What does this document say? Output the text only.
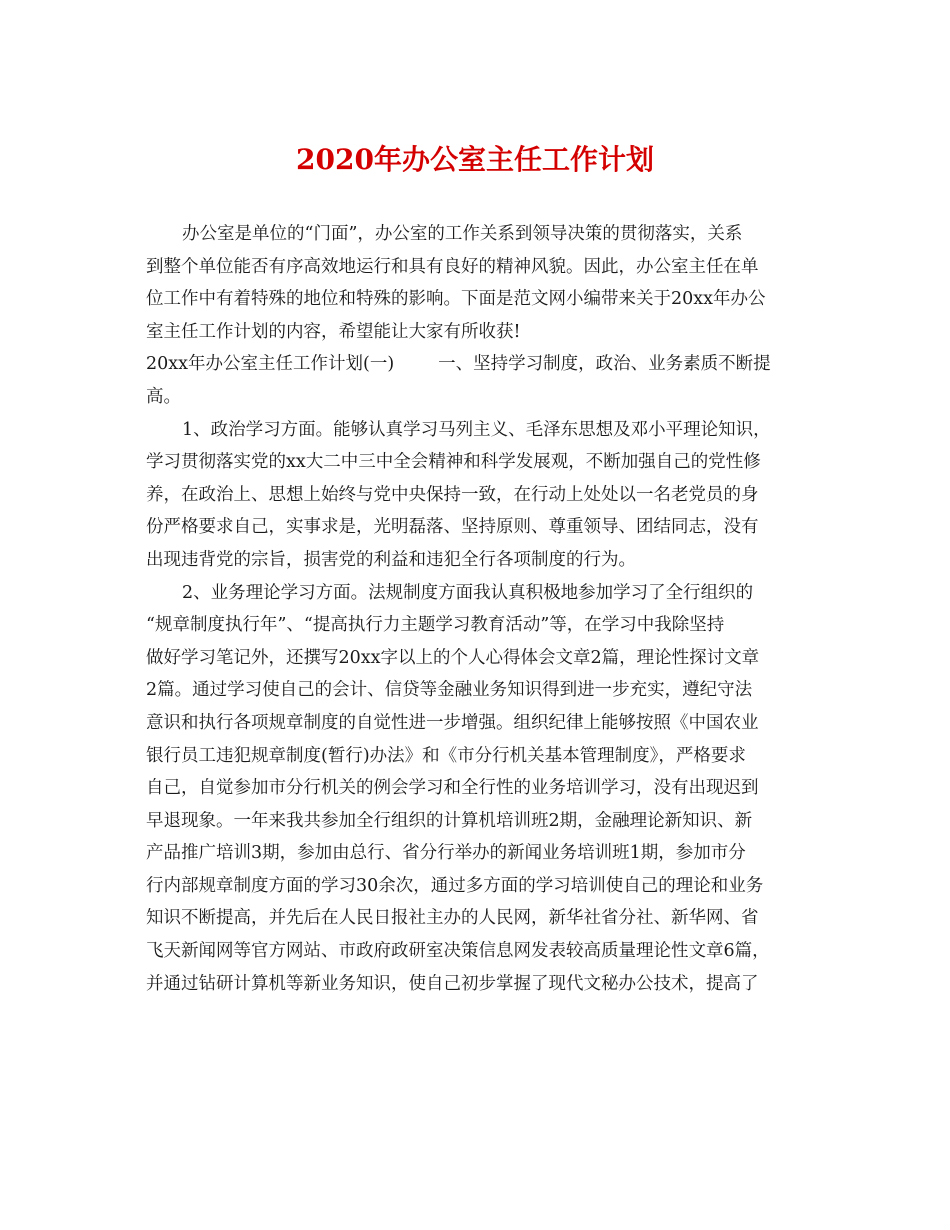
2020年办公室主任工作计划
办公室是单位的“门面”，办公室的工作关系到领导决策的贯彻落实，关系
到整个单位能否有序高效地运行和具有良好的精神风貌。因此，办公室主任在单
位工作中有着特殊的地位和特殊的影响。下面是范文网小编带来关于20xx年办公
室主任工作计划的内容，希望能让大家有所收获!
20xx年办公室主任工作计划(一)	一、坚持学习制度，政治、业务素质不断提
高。
1、政治学习方面。能够认真学习马列主义、毛泽东思想及邓小平理论知识，
学习贯彻落实党的xx大二中三中全会精神和科学发展观，不断加强自己的党性修
养，在政治上、思想上始终与党中央保持一致，在行动上处处以一名老党员的身
份严格要求自己，实事求是，光明磊落、坚持原则、尊重领导、团结同志，没有
出现违背党的宗旨，损害党的利益和违犯全行各项制度的行为。
2、业务理论学习方面。法规制度方面我认真积极地参加学习了全行组织的
“规章制度执行年”、“提高执行力主题学习教育活动”等，在学习中我除坚持
做好学习笔记外，还撰写20xx字以上的个人心得体会文章2篇，理论性探讨文章
2篇。通过学习使自己的会计、信贷等金融业务知识得到进一步充实，遵纪守法
意识和执行各项规章制度的自觉性进一步增强。组织纪律上能够按照《中国农业
银行员工违犯规章制度(暂行)办法》和《市分行机关基本管理制度》，严格要求
自己，自觉参加市分行机关的例会学习和全行性的业务培训学习，没有出现迟到
早退现象。一年来我共参加全行组织的计算机培训班2期，金融理论新知识、新
产品推广培训3期，参加由总行、省分行举办的新闻业务培训班1期，参加市分
行内部规章制度方面的学习30余次，通过多方面的学习培训使自己的理论和业务
知识不断提高，并先后在人民日报社主办的人民网，新华社省分社、新华网、省
飞天新闻网等官方网站、市政府政研室决策信息网发表较高质量理论性文章6篇，
并通过钻研计算机等新业务知识，使自己初步掌握了现代文秘办公技术，提高了
